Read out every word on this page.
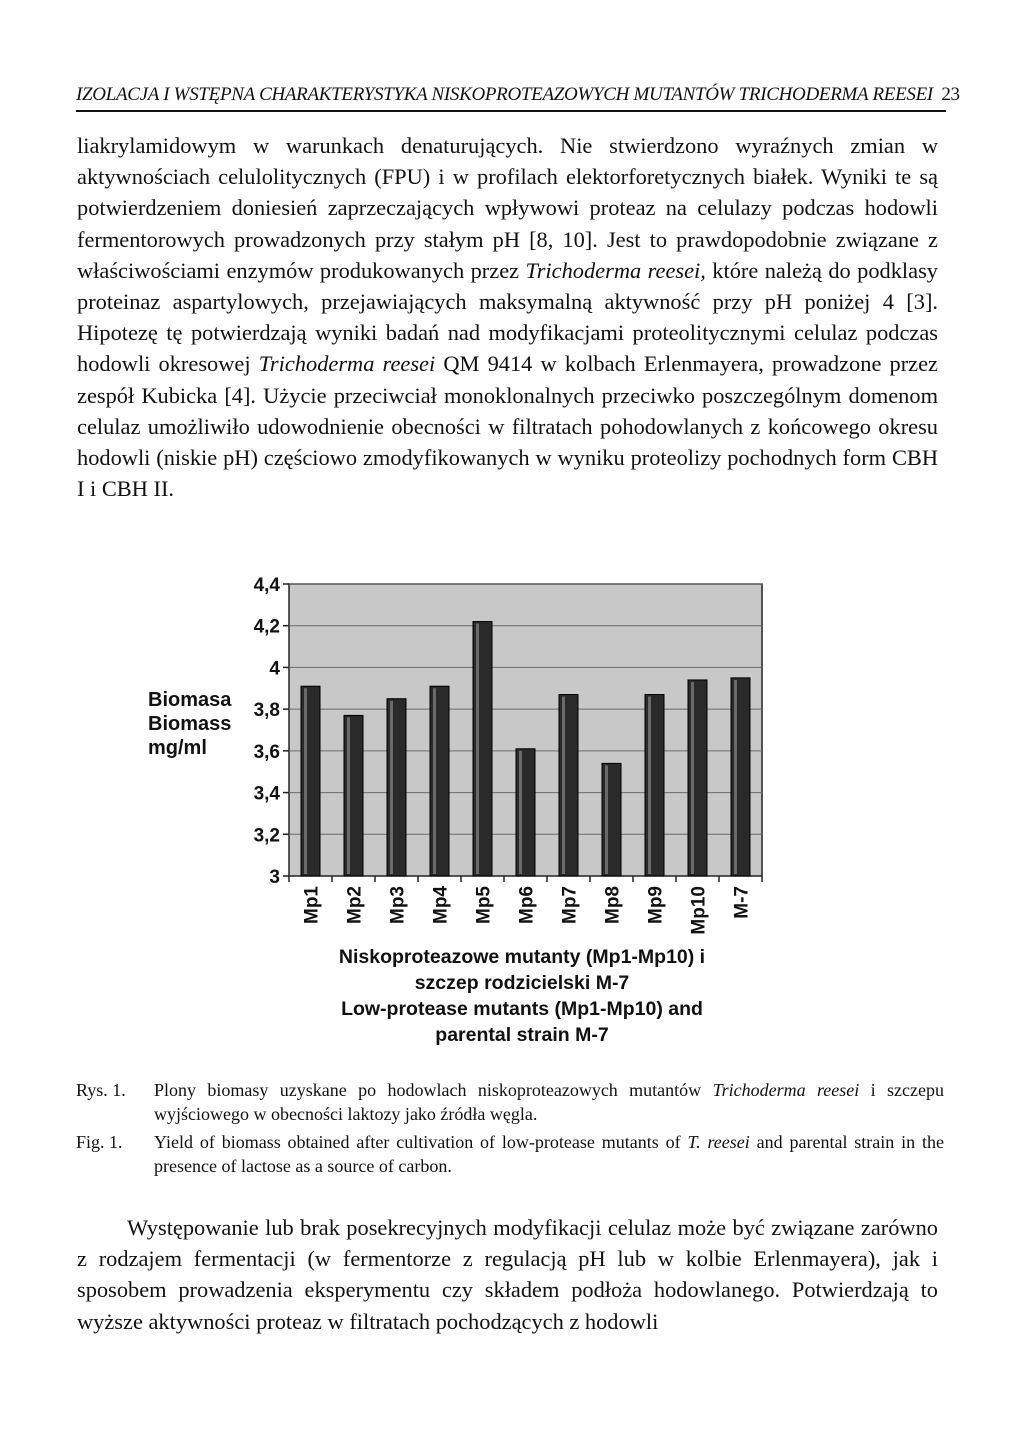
IZOLACJA I WSTĘPNA CHARAKTERYSTYKA NISKOPROTEAZOWYCH MUTANTÓW TRICHODERMA REESEI 23

liakrylamidowym w warunkach denaturujących. Nie stwierdzono wyraźnych zmian w aktywnościach celulolitycznych (FPU) i w profilach elektorforetycznych białek. Wyniki te są potwierdzeniem doniesień zaprzeczających wpływowi proteaz na celulazy podczas hodowli fermentorowych prowadzonych przy stałym pH [8, 10]. Jest to prawdopodobnie związane z właściwościami enzymów produkowanych przez Trichoderma reesei, które należą do podklasy proteinaz aspartylowych, przejawiających maksymalną aktywność przy pH poniżej 4 [3]. Hipotezę tę potwierdzają wyniki badań nad modyfikacjami proteolitycznymi celulaz podczas hodowli okresowej Trichoderma reesei QM 9414 w kolbach Erlenmayera, prowadzone przez zespół Kubicka [4]. Użycie przeciwciał monoklonalnych przeciwko poszczególnym domenom celulaz umożliwiło udowodnienie obecności w filtratach pohodowlanych z końcowego okresu hodowli (niskie pH) częściowo zmodyfikowanych w wyniku proteolizy pochodnych form CBH I i CBH II.

Biomasa
Biomass
mg/ml
3
3,2
3,4
3,6
3,8
4
4,2
4,4
Mp1 Mp2 Mp3 Mp4 Mp5 Mp6 Mp7 Mp8 Mp9 Mp10 M-7
Niskoproteazowe mutanty (Mp1-Mp10) i
szczep rodzicielski M-7
Low-protease mutants (Mp1-Mp10) and
parental strain M-7
Rys. 1. Plony biomasy uzyskane po hodowlach niskoproteazowych mutantów Trichoderma reesei i szczepu wyjściowego w obecności laktozy jako źródła węgla.
Fig. 1. Yield of biomass obtained after cultivation of low-protease mutants of T. reesei and parental strain in the presence of lactose as a source of carbon.

Występowanie lub brak posekrecyjnych modyfikacji celulaz może być związane zarówno z rodzajem fermentacji (w fermentorze z regulacją pH lub w kolbie Erlenmayera), jak i sposobem prowadzenia eksperymentu czy składem podłoża hodowlanego. Potwierdzają to wyższe aktywności proteaz w filtratach pochodzących z hodowli
